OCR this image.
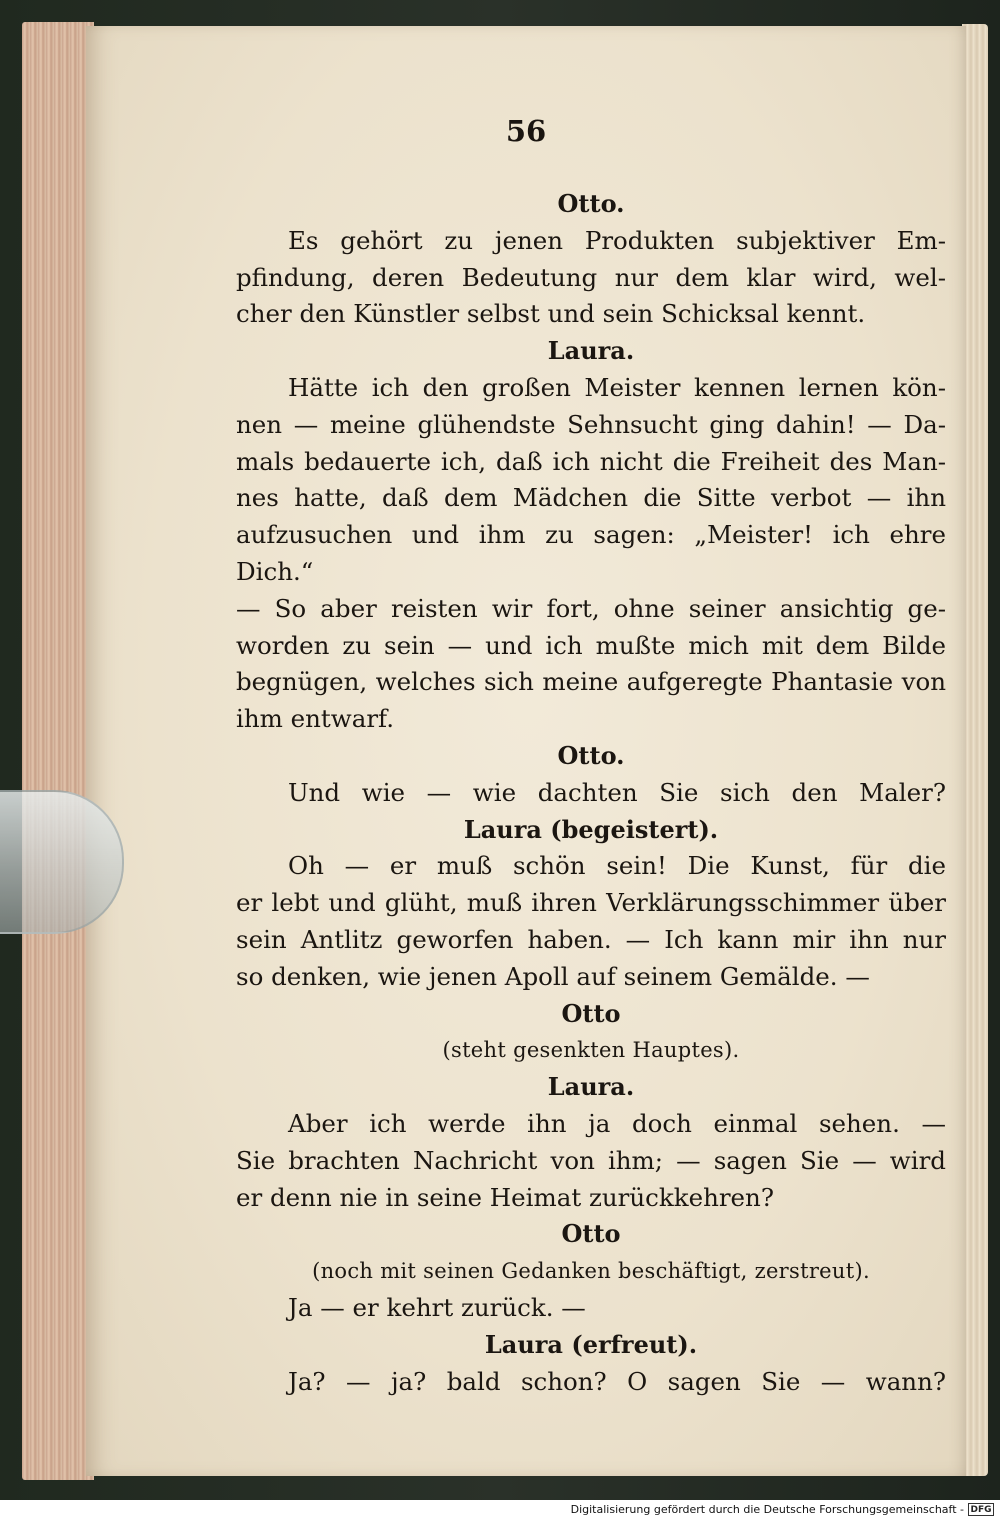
56

Otto.

Es gehört zu jenen Produkten subjektiver Em-

pfindung, deren Bedeutung nur dem klar wird, wel-

cher den Künstler selbst und sein Schicksal kennt.

Laura.

Hätte ich den großen Meister kennen lernen kön-

nen — meine glühendste Sehnsucht ging dahin! — Da-

mals bedauerte ich, daß ich nicht die Freiheit des Man-

nes hatte, daß dem Mädchen die Sitte verbot — ihn

aufzusuchen und ihm zu sagen: „Meister! ich ehre Dich.“

— So aber reisten wir fort, ohne seiner ansichtig ge-

worden zu sein — und ich mußte mich mit dem Bilde

begnügen, welches sich meine aufgeregte Phantasie von

ihm entwarf.

Otto.

Und wie — wie dachten Sie sich den Maler?

Laura (begeistert).

Oh — er muß schön sein! Die Kunst, für die

er lebt und glüht, muß ihren Verklärungsschimmer über

sein Antlitz geworfen haben. — Ich kann mir ihn nur

so denken, wie jenen Apoll auf seinem Gemälde. —

Otto

(steht gesenkten Hauptes).

Laura.

Aber ich werde ihn ja doch einmal sehen. —

Sie brachten Nachricht von ihm; — sagen Sie — wird

er denn nie in seine Heimat zurückkehren?

Otto

(noch mit seinen Gedanken beschäftigt, zerstreut).

Ja — er kehrt zurück. —

Laura (erfreut).

Ja? — ja? bald schon? O sagen Sie — wann?

Digitalisierung gefördert durch die Deutsche Forschungsgemeinschaft - DFG
